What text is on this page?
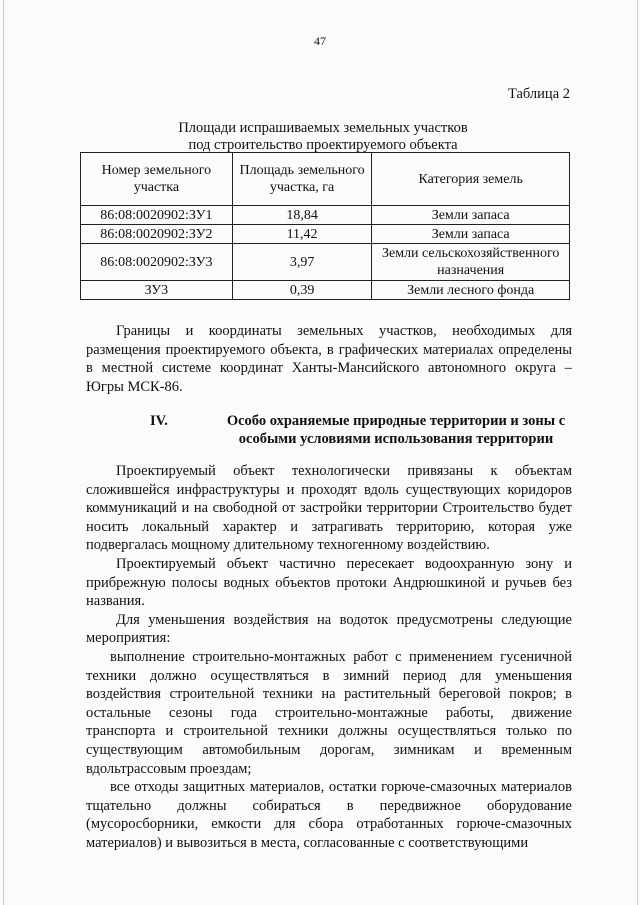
47
Таблица 2
Площади испрашиваемых земельных участков
под строительство проектируемого объекта
Номер земельного участка	Площадь земельного участка, га	Категория земель
86:08:0020902:ЗУ1	18,84	Земли запаса
86:08:0020902:ЗУ2	11,42	Земли запаса
86:08:0020902:ЗУ3	3,97	Земли сельскохозяйственного назначения
ЗУ3	0,39	Земли лесного фонда

Границы и координаты земельных участков, необходимых для размещения проектируемого объекта, в графических материалах определены в местной системе координат Ханты-Мансийского автономного округа – Югры МСК-86.

IV.	Особо охраняемые природные территории и зоны с особыми условиями использования территории

Проектируемый объект технологически привязаны к объектам сложившейся инфраструктуры и проходят вдоль существующих коридоров коммуникаций и на свободной от застройки территории Строительство будет носить локальный характер и затрагивать территорию, которая уже подвергалась мощному длительному техногенному воздействию.

Проектируемый объект частично пересекает водоохранную зону и прибрежную полосы водных объектов протоки Андрюшкиной и ручьев без названия.

Для уменьшения воздействия на водоток предусмотрены следующие мероприятия:

выполнение строительно-монтажных работ с применением гусеничной техники должно осуществляться в зимний период для уменьшения воздействия строительной техники на растительный береговой покров; в остальные сезоны года строительно-монтажные работы, движение транспорта и строительной техники должны осуществляться только по существующим автомобильным дорогам, зимникам и временным вдольтрассовым проездам;

все отходы защитных материалов, остатки горюче-смазочных материалов тщательно должны собираться в передвижное оборудование (мусоросборники, емкости для сбора отработанных горюче-смазочных материалов) и вывозиться в места, согласованные с соответствующими
